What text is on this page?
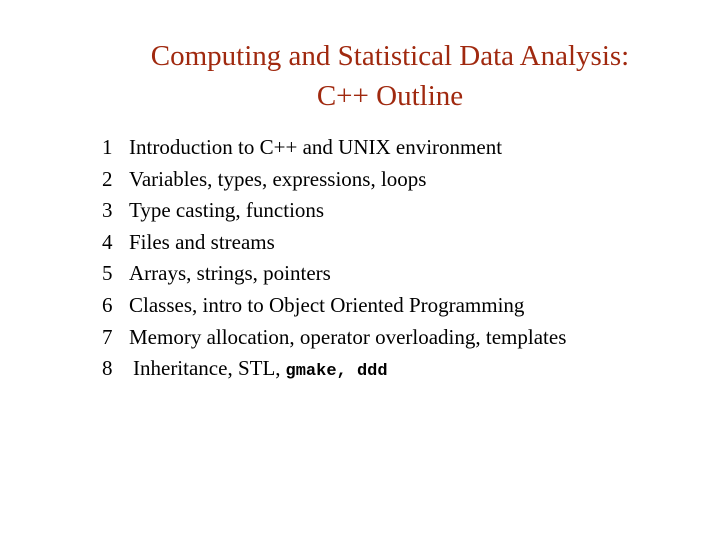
Computing and Statistical Data Analysis:
C++ Outline
1 Introduction to C++ and UNIX environment
2 Variables, types, expressions, loops
3 Type casting, functions
4 Files and streams
5 Arrays, strings, pointers
6 Classes, intro to Object Oriented Programming
7 Memory allocation, operator overloading, templates
8 Inheritance, STL, gmake, ddd
